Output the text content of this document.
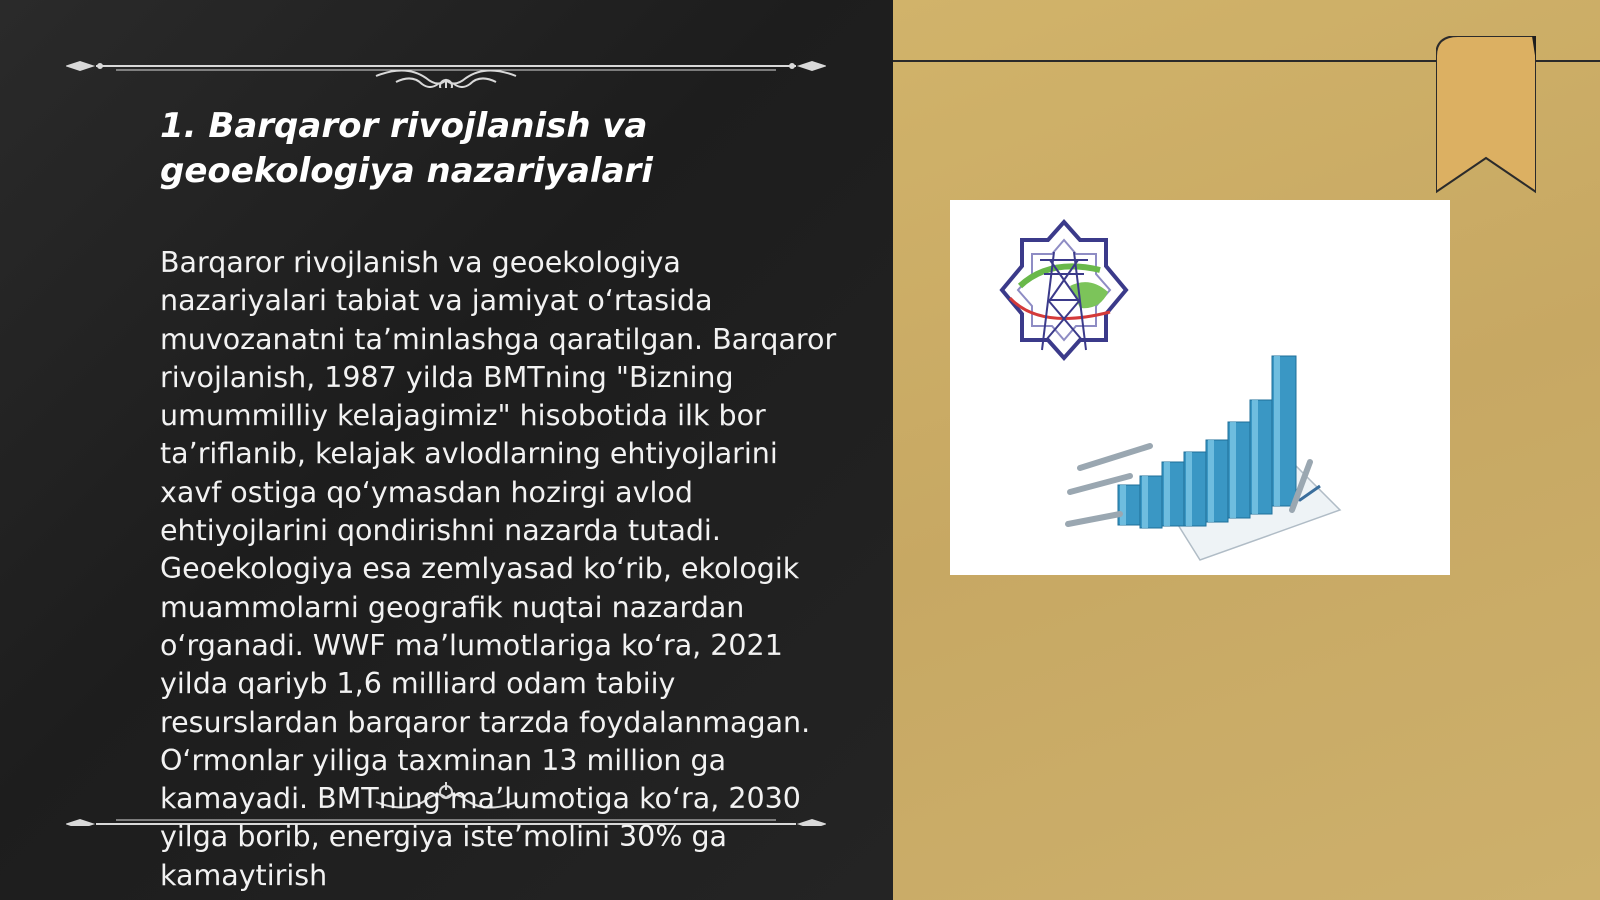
1. Barqaror rivojlanish va geoekologiya nazariyalari

Barqaror rivojlanish va geoekologiya nazariyalari tabiat va jamiyat oʻrtasida muvozanatni taʼminlashga qaratilgan. Barqaror rivojlanish, 1987 yilda BMTning "Bizning umummilliy kelajagimiz" hisobotida ilk bor taʼriflanib, kelajak avlodlarning ehtiyojlarini xavf ostiga qoʻymasdan hozirgi avlod ehtiyojlarini qondirishni nazarda tutadi. Geoekologiya esa zemlyasad koʻrib, ekologik muammolarni geografik nuqtai nazardan oʻrganadi. WWF maʼlumotlariga koʻra, 2021 yilda qariyb 1,6 milliard odam tabiiy resurslardan barqaror tarzda foydalanmagan. Oʻrmonlar yiliga taxminan 13 million ga kamayadi. BMTning maʼlumotiga koʻra, 2030 yilga borib, energiya isteʼmolini 30% ga kamaytirish
